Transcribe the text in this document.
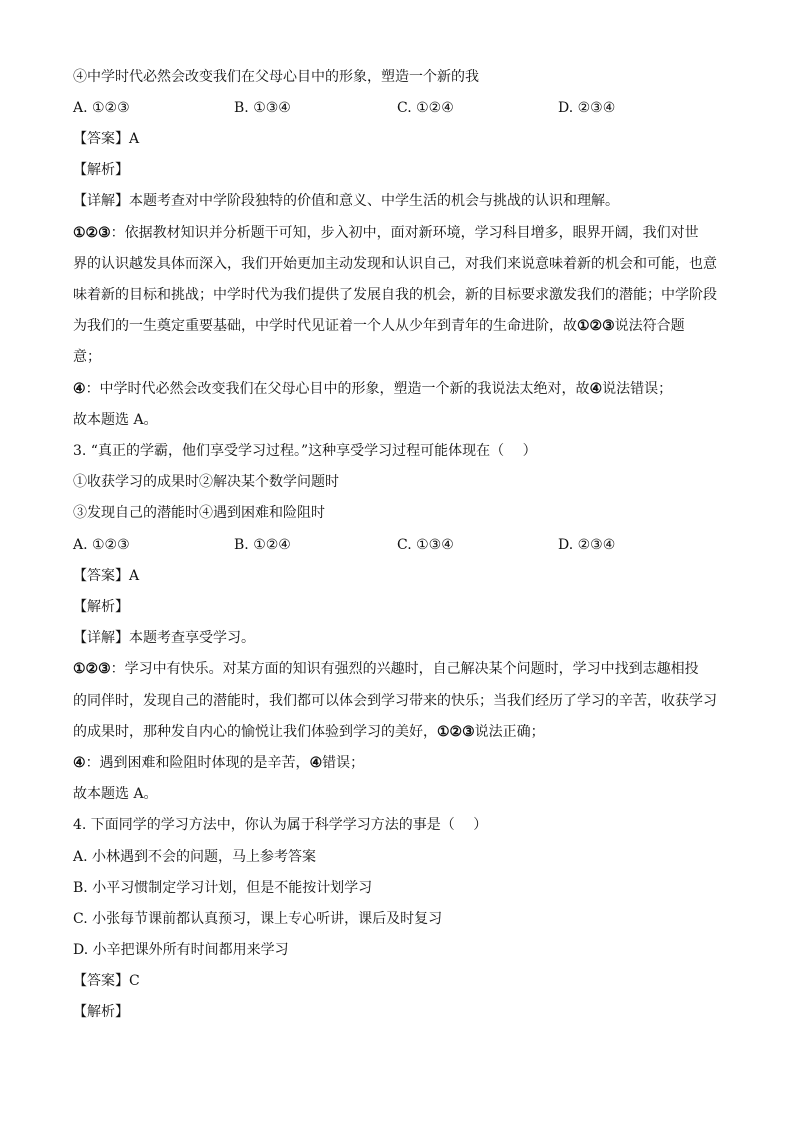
④中学时代必然会改变我们在父母心目中的形象，塑造一个新的我
A. ①②③	B. ①③④	C. ①②④	D. ②③④
【答案】A
【解析】
【详解】本题考查对中学阶段独特的价值和意义、中学生活的机会与挑战的认识和理解。
①②③：依据教材知识并分析题干可知，步入初中，面对新环境，学习科目增多，眼界开阔，我们对世
界的认识越发具体而深入，我们开始更加主动发现和认识自己，对我们来说意味着新的机会和可能，也意
味着新的目标和挑战；中学时代为我们提供了发展自我的机会，新的目标要求激发我们的潜能；中学阶段
为我们的一生奠定重要基础，中学时代见证着一个人从少年到青年的生命进阶，故①②③说法符合题
意；
④：中学时代必然会改变我们在父母心目中的形象，塑造一个新的我说法太绝对，故④说法错误；
故本题选 A。
3. “真正的学霸，他们享受学习过程。”这种享受学习过程可能体现在（　 ）
①收获学习的成果时②解决某个数学问题时
③发现自己的潜能时④遇到困难和险阻时
A. ①②③	B. ①②④	C. ①③④	D. ②③④
【答案】A
【解析】
【详解】本题考查享受学习。
①②③：学习中有快乐。对某方面的知识有强烈的兴趣时，自己解决某个问题时，学习中找到志趣相投
的同伴时，发现自己的潜能时，我们都可以体会到学习带来的快乐；当我们经历了学习的辛苦，收获学习
的成果时，那种发自内心的愉悦让我们体验到学习的美好，①②③说法正确；
④：遇到困难和险阻时体现的是辛苦，④错误；
故本题选 A。
4. 下面同学的学习方法中，你认为属于科学学习方法的事是（　 ）
A. 小林遇到不会的问题，马上参考答案
B. 小平习惯制定学习计划，但是不能按计划学习
C. 小张每节课前都认真预习，课上专心听讲，课后及时复习
D. 小辛把课外所有时间都用来学习
【答案】C
【解析】
